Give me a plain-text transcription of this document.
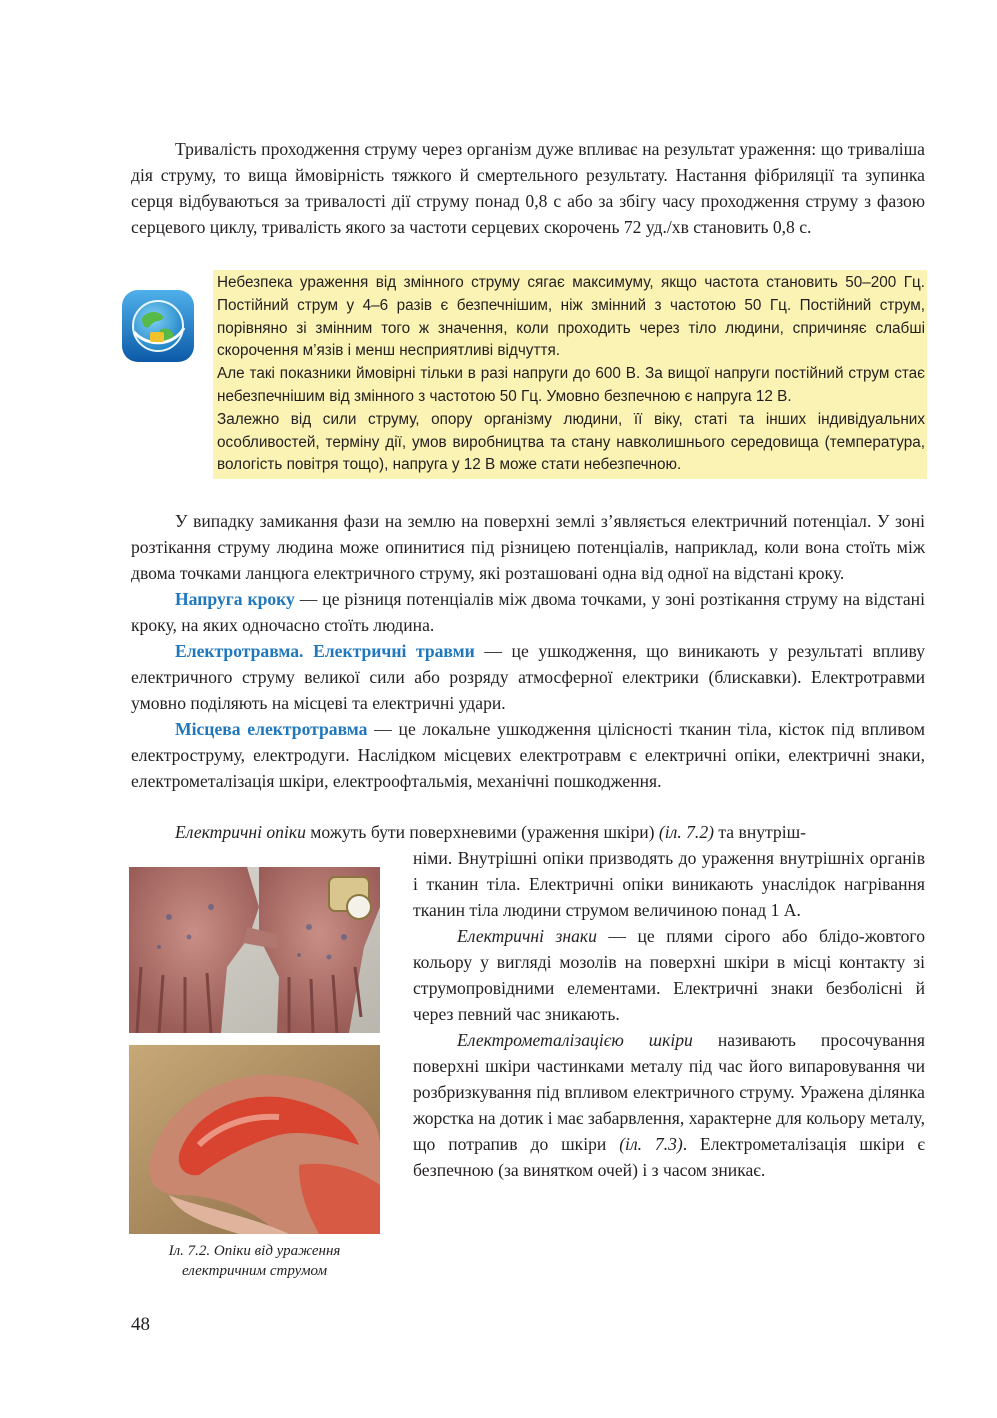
Тривалість проходження струму через організм дуже впливає на результат ураження: що триваліша дія струму, то вища ймовірність тяжкого й смертельного результату. Настання фібриляції та зупинка серця відбуваються за тривалості дії струму понад 0,8 с або за збігу часу проходження струму з фазою серцевого циклу, тривалість якого за частоти серцевих скорочень 72 уд./хв становить 0,8 с.

Небезпека ураження від змінного струму сягає максимуму, якщо частота становить 50–200 Гц. Постійний струм у 4–6 разів є безпечнішим, ніж змінний з частотою 50 Гц. Постійний струм, порівняно зі змінним того ж значення, коли проходить через тіло людини, спричиняє слабші скорочення м’язів і менш несприятливі відчуття.

Але такі показники ймовірні тільки в разі напруги до 600 В. За вищої напруги постійний струм стає небезпечнішим від змінного з частотою 50 Гц. Умовно безпечною є напруга 12 В.

Залежно від сили струму, опору організму людини, її віку, статі та інших індивідуальних особливостей, терміну дії, умов виробництва та стану навколишнього середовища (температура, вологість повітря тощо), напруга у 12 В може стати небезпечною.

У випадку замикання фази на землю на поверхні землі з’являється електричний потенціал. У зоні розтікання струму людина може опинитися під різницею потенціалів, наприклад, коли вона стоїть між двома точками ланцюга електричного струму, які розташовані одна від одної на відстані кроку.

Напруга кроку — це різниця потенціалів між двома точками, у зоні розтікання струму на відстані кроку, на яких одночасно стоїть людина.

Електротравма. Електричні травми — це ушкодження, що виникають у результаті впливу електричного струму великої сили або розряду атмосферної електрики (блискавки). Електротравми умовно поділяють на місцеві та електричні удари.

Місцева електротравма — це локальне ушкодження цілісності тканин тіла, кісток під впливом електроструму, електродуги. Наслідком місцевих електротравм є електричні опіки, електричні знаки, електрометалізація шкіри, електроофтальмія, механічні пошкодження.

Електричні опіки можуть бути поверхневими (ураження шкіри) (іл. 7.2) та внутріш-

німи. Внутрішні опіки призводять до ураження внутрішніх органів і тканин тіла. Електричні опіки виникають унаслідок нагрівання тканин тіла людини струмом величиною понад 1 А.

Електричні знаки — це плями сірого або блідо-жовтого кольору у вигляді мозолів на поверхні шкіри в місці контакту зі струмопровідними елементами. Електричні знаки безболісні й через певний час зникають.

Електрометалізацією шкіри називають просочування поверхні шкіри частинками металу під час його випаровування чи розбризкування під впливом електричного струму. Уражена ділянка жорстка на дотик і має забарвлення, характерне для кольору металу, що потрапив до шкіри (іл. 7.3). Електрометалізація шкіри є безпечною (за винятком очей) і з часом зникає.

Іл. 7.2. Опіки від ураження електричним струмом

48
